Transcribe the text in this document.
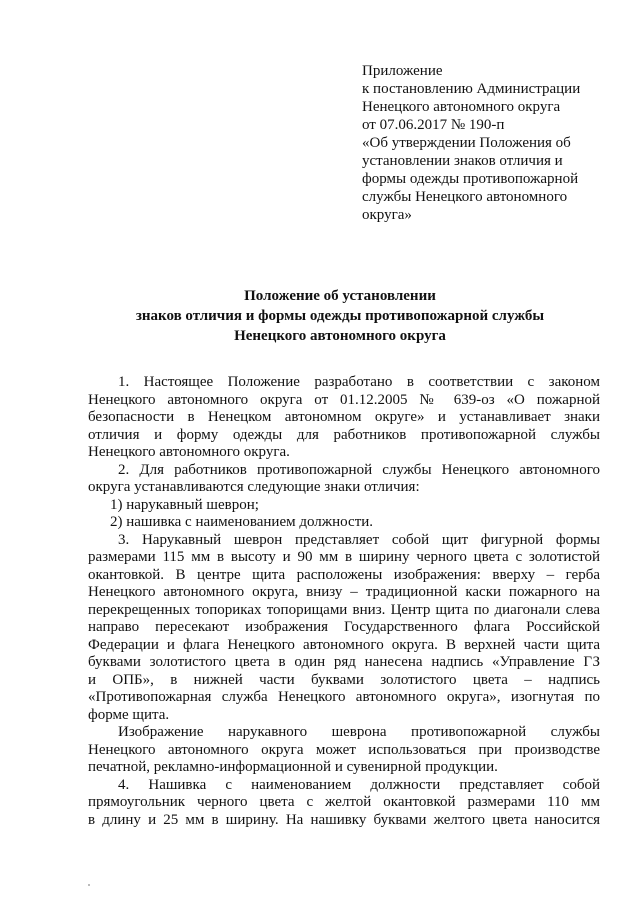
Приложение
к постановлению Администрации
Ненецкого автономного округа
от 07.06.2017 № 190-п
«Об утверждении Положения об
установлении знаков отличия и
формы одежды противопожарной
службы Ненецкого автономного
округа»
Положение об установлении
знаков отличия и формы одежды противопожарной службы
Ненецкого автономного округа
1. Настоящее Положение разработано в соответствии с законом
Ненецкого автономного округа от 01.12.2005 № 639-оз «О пожарной
безопасности в Ненецком автономном округе» и устанавливает знаки
отличия и форму одежды для работников противопожарной службы
Ненецкого автономного округа.
2. Для работников противопожарной службы Ненецкого автономного
округа устанавливаются следующие знаки отличия:
1) нарукавный шеврон;
2) нашивка с наименованием должности.
3. Нарукавный шеврон представляет собой щит фигурной формы
размерами 115 мм в высоту и 90 мм в ширину черного цвета с золотистой
окантовкой. В центре щита расположены изображения: вверху – герба
Ненецкого автономного округа, внизу – традиционной каски пожарного на
перекрещенных топориках топорищами вниз. Центр щита по диагонали слева
направо пересекают изображения Государственного флага Российской
Федерации и флага Ненецкого автономного округа. В верхней части щита
буквами золотистого цвета в один ряд нанесена надпись «Управление ГЗ
и ОПБ», в нижней части буквами золотистого цвета – надпись
«Противопожарная служба Ненецкого автономного округа», изогнутая по
форме щита.
Изображение нарукавного шеврона противопожарной службы
Ненецкого автономного округа может использоваться при производстве
печатной, рекламно-информационной и сувенирной продукции.
4. Нашивка с наименованием должности представляет собой
прямоугольник черного цвета с желтой окантовкой размерами 110 мм
в длину и 25 мм в ширину. На нашивку буквами желтого цвета наносится
